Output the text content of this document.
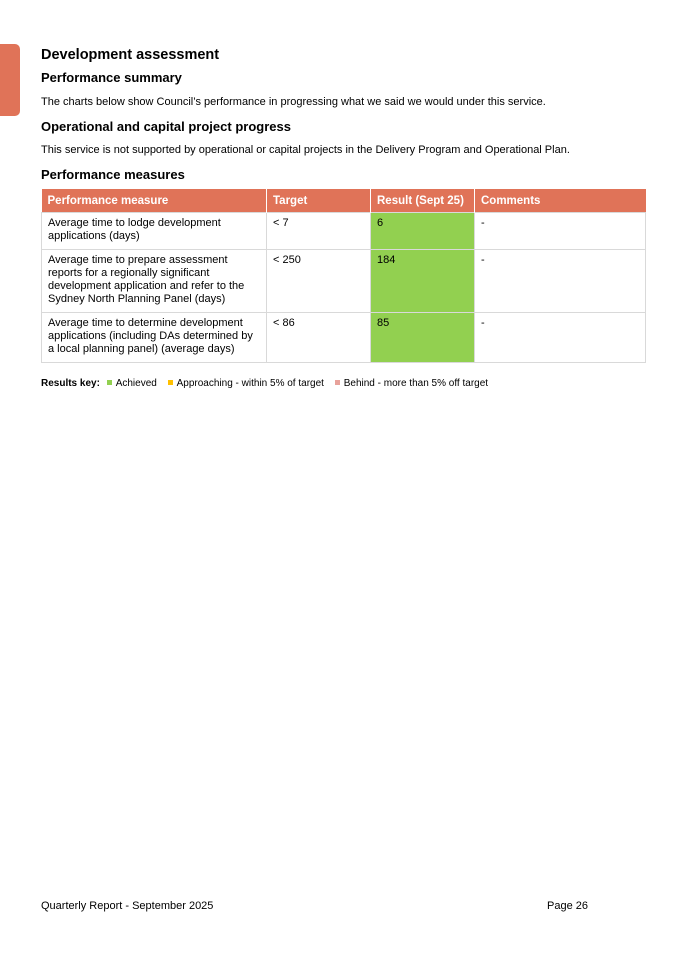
Development assessment
Performance summary

The charts below show Council’s performance in progressing what we said we would under this service.

Operational and capital project progress

This service is not supported by operational or capital projects in the Delivery Program and Operational Plan.

Performance measures
Performance measure	Target	Result (Sept 25)	Comments
Average time to lodge development applications (days)	< 7	6	-
Average time to prepare assessment reports for a regionally significant development application and refer to the Sydney North Planning Panel (days)	< 250	184	-
Average time to determine development applications (including DAs determined by a local planning panel) (average days)	< 86	85	-
Results key: Achieved Approaching - within 5% of target Behind - more than 5% off target
Quarterly Report - September 2025	Page 26
